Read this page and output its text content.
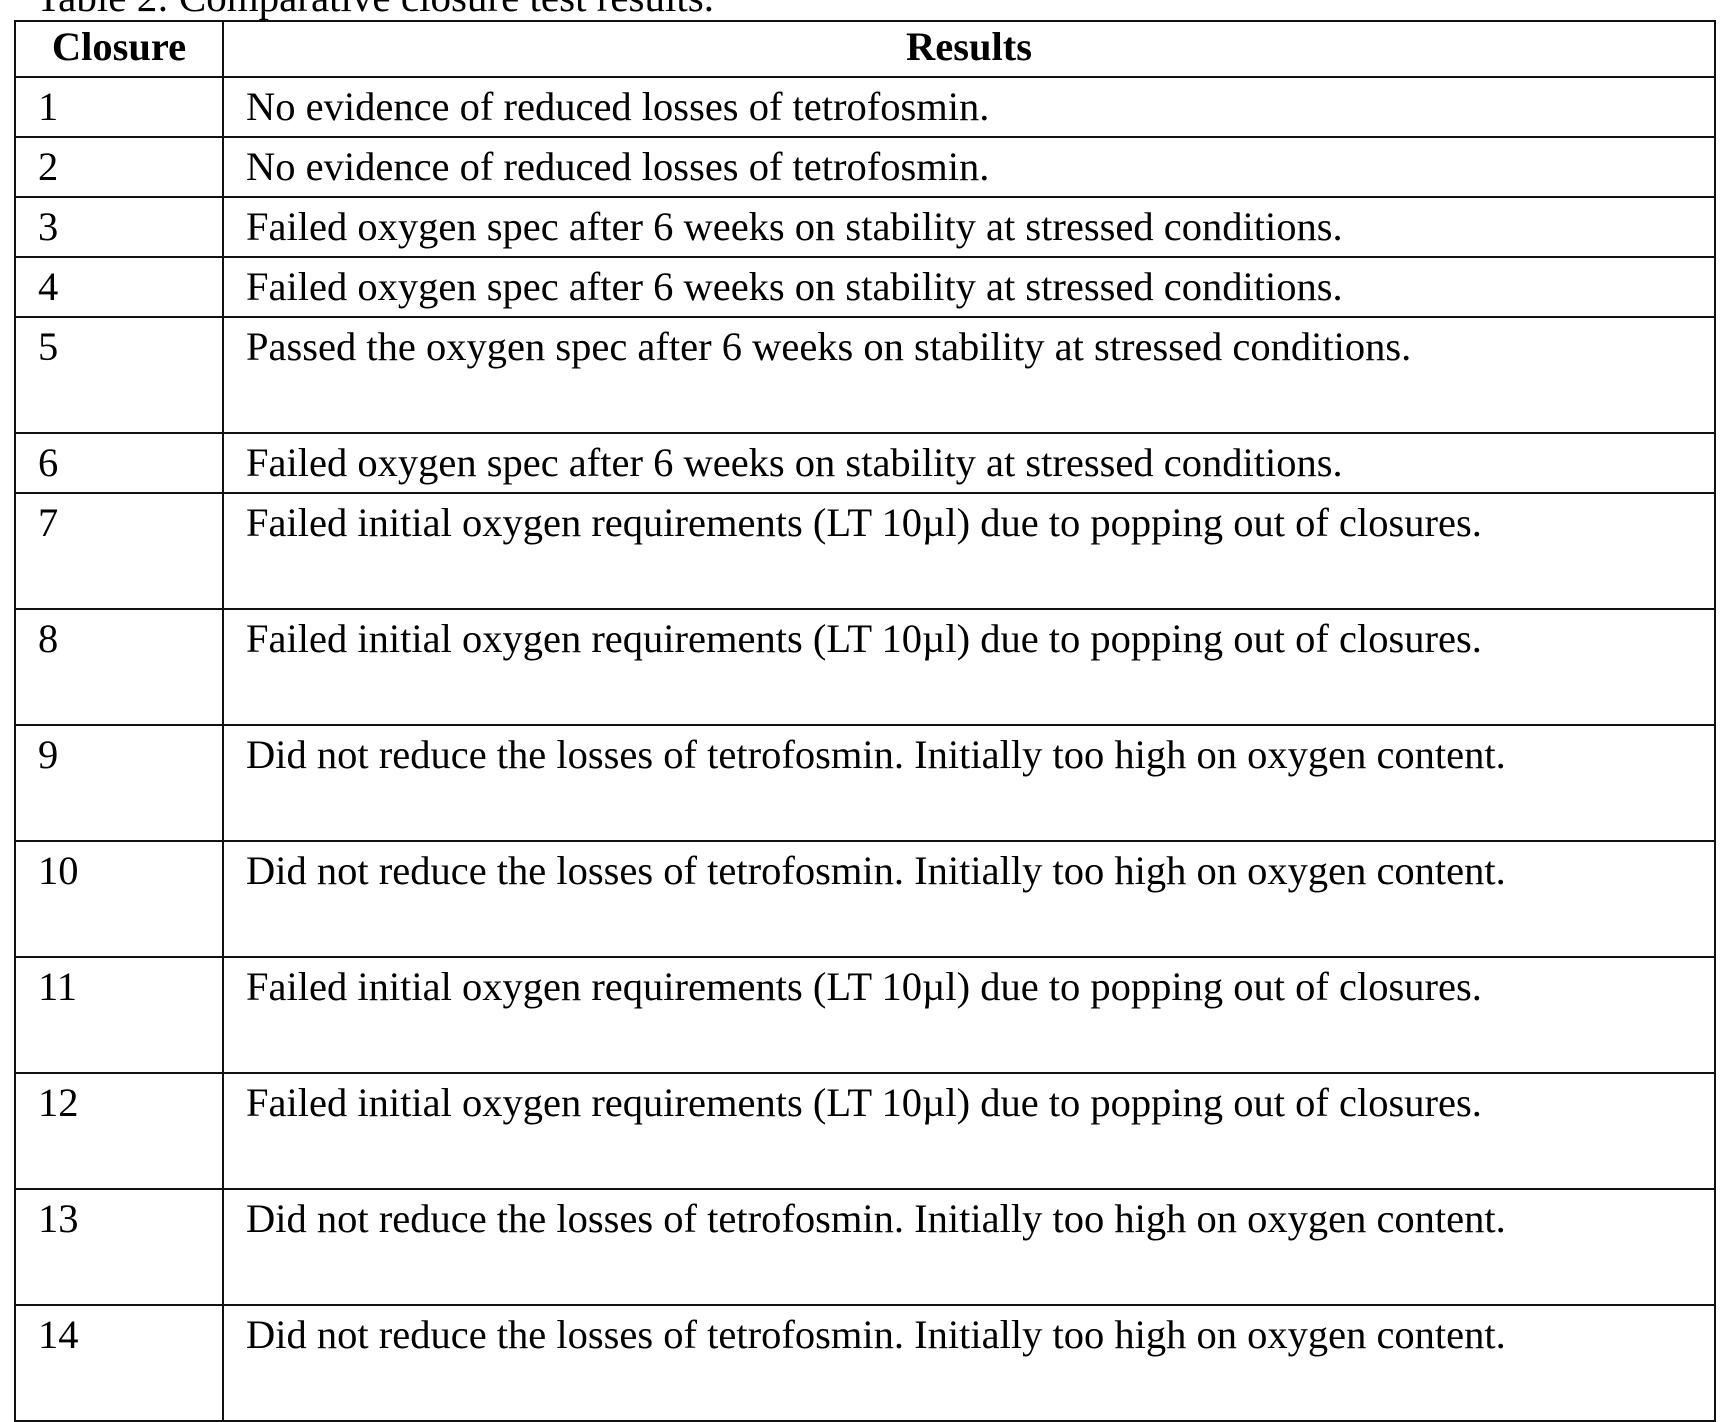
Closure	Results
1	No evidence of reduced losses of tetrofosmin.
2	No evidence of reduced losses of tetrofosmin.
3	Failed oxygen spec after 6 weeks on stability at stressed conditions.
4	Failed oxygen spec after 6 weeks on stability at stressed conditions.
5	Passed the oxygen spec after 6 weeks on stability at stressed conditions.
6	Failed oxygen spec after 6 weeks on stability at stressed conditions.
7	Failed initial oxygen requirements (LT 10µl) due to popping out of closures.
8	Failed initial oxygen requirements (LT 10µl) due to popping out of closures.
9	Did not reduce the losses of tetrofosmin. Initially too high on oxygen content.
10	Did not reduce the losses of tetrofosmin. Initially too high on oxygen content.
11	Failed initial oxygen requirements (LT 10µl) due to popping out of closures.
12	Failed initial oxygen requirements (LT 10µl) due to popping out of closures.
13	Did not reduce the losses of tetrofosmin. Initially too high on oxygen content.
14	Did not reduce the losses of tetrofosmin. Initially too high on oxygen content.
